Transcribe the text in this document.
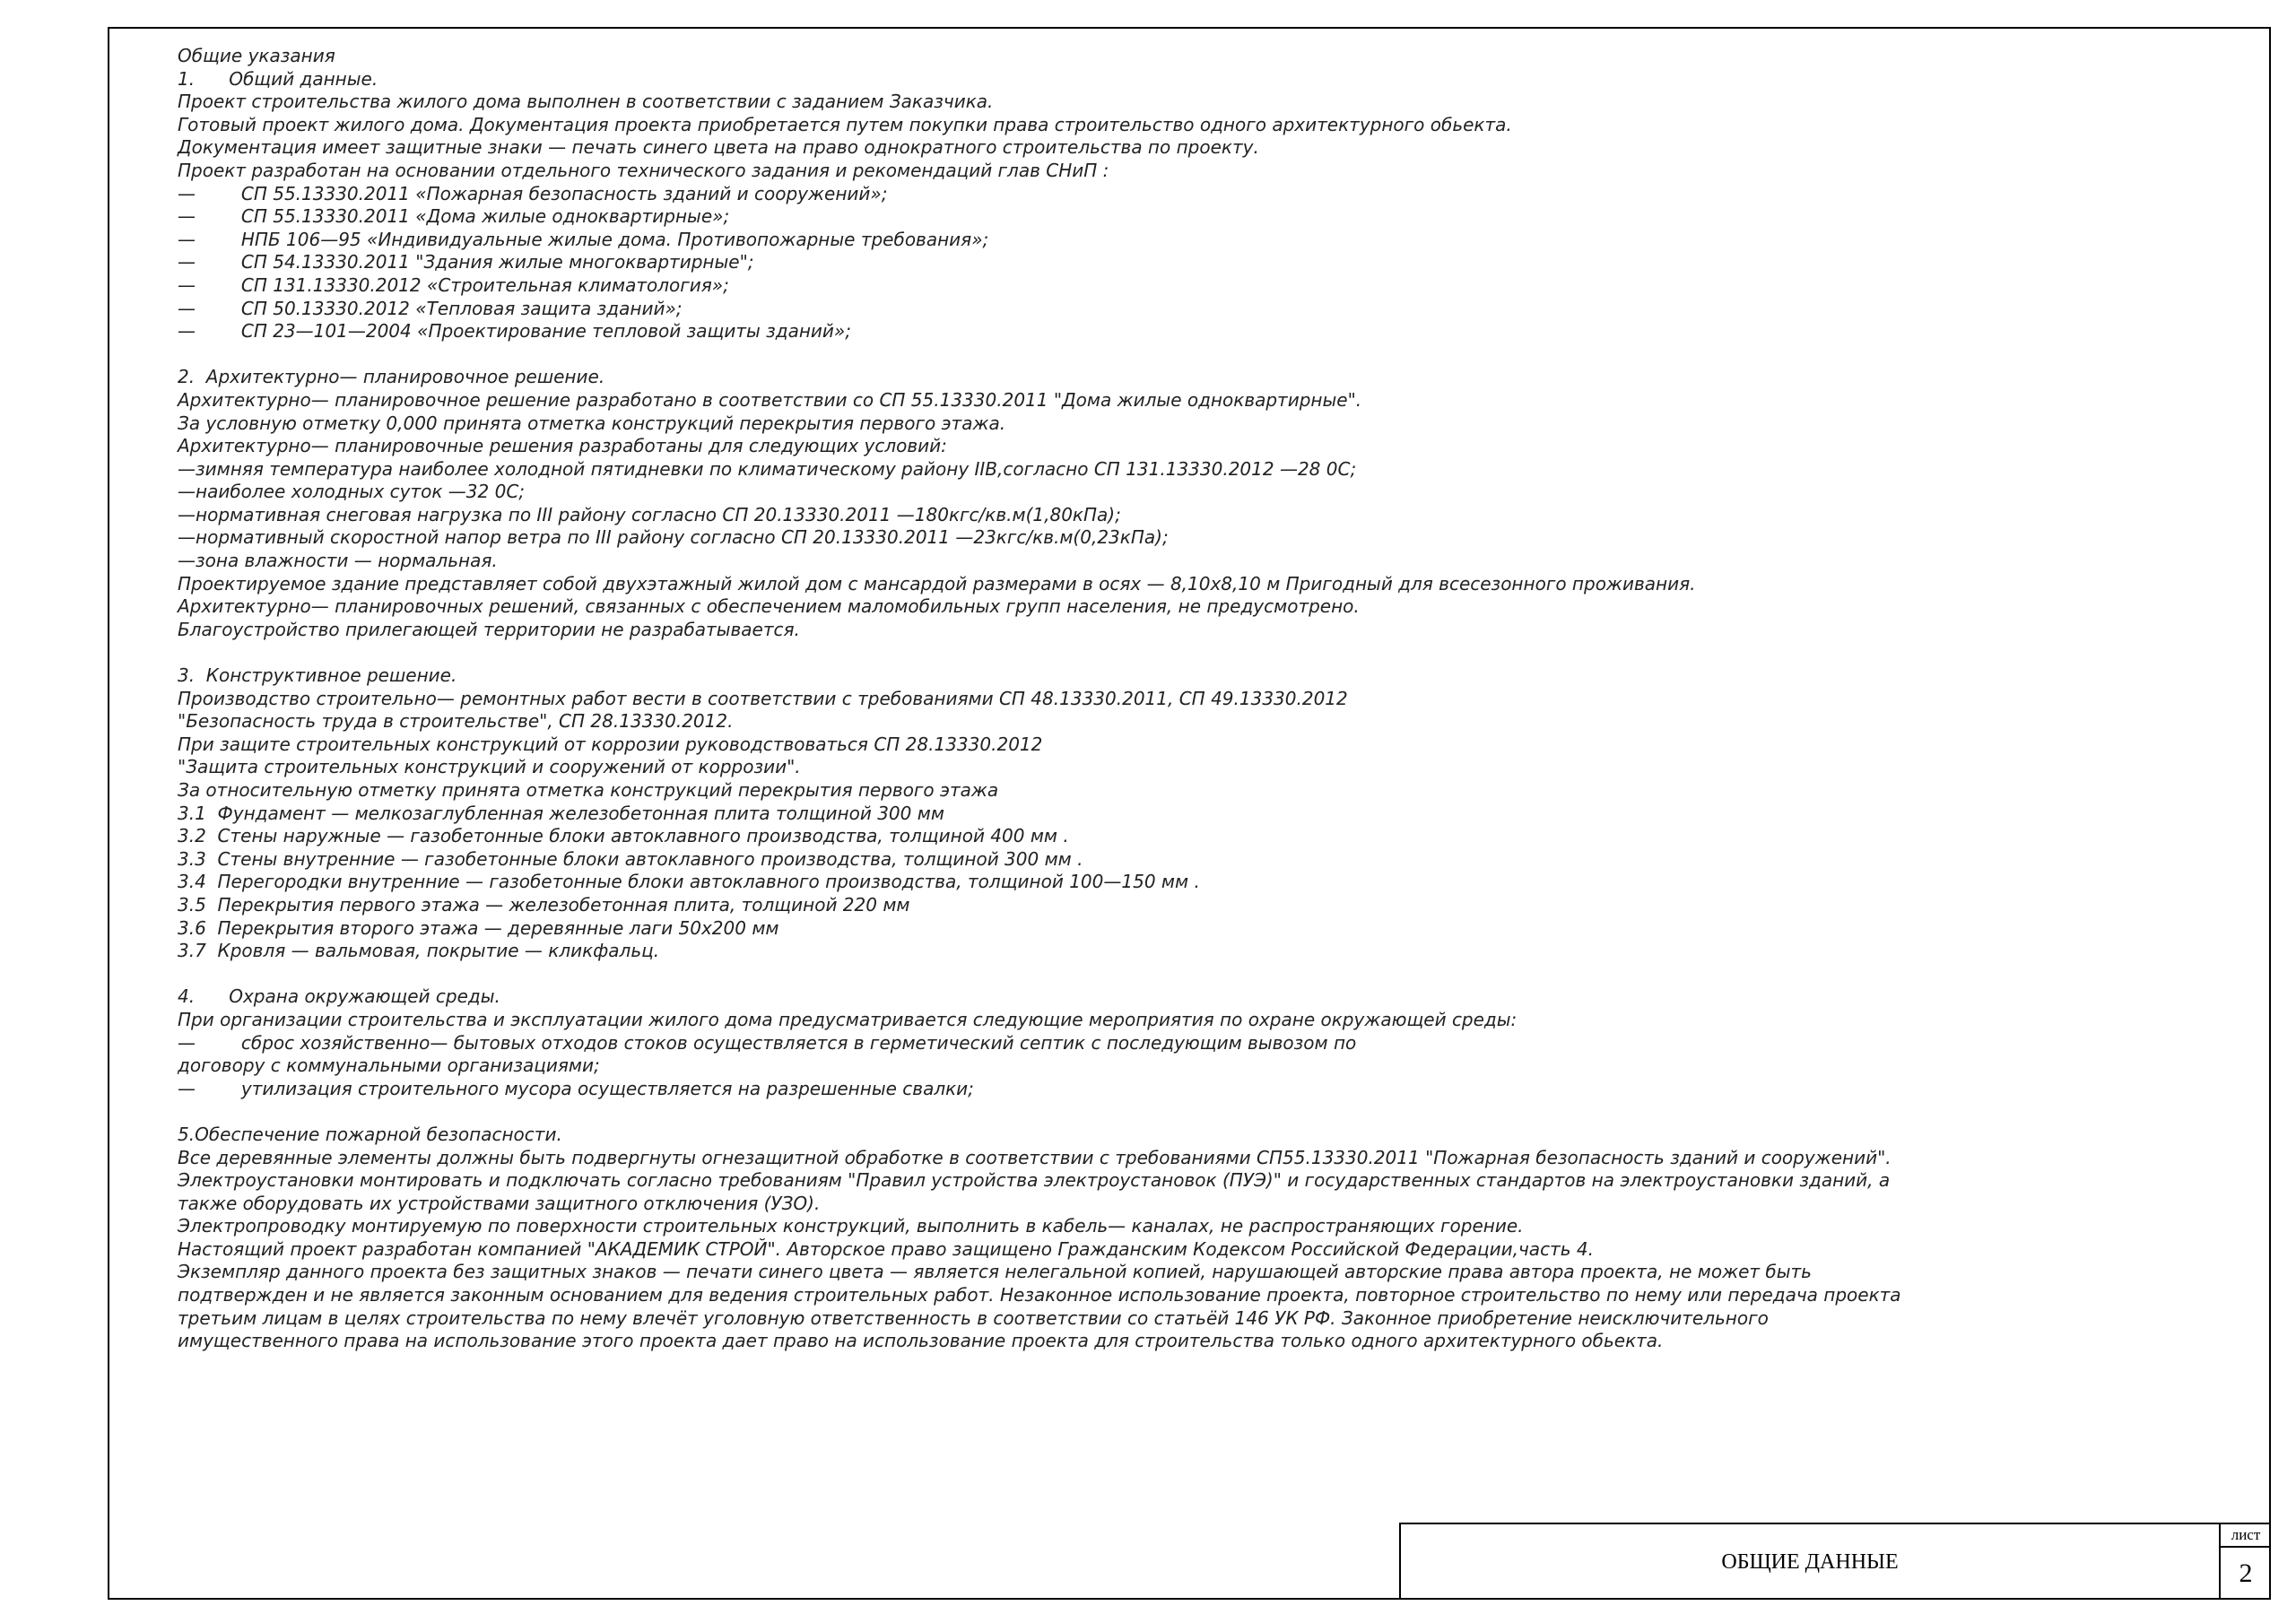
Общие указания
1.      Общий данные.
Проект строительства жилого дома выполнен в соответствии с заданием Заказчика.
Готовый проект жилого дома. Документация проекта приобретается путем покупки права строительство одного архитектурного обьекта.
Документация имеет защитные знаки — печать синего цвета на право однократного строительства по проекту.
Проект разработан на основании отдельного технического задания и рекомендаций глав СНиП :
—        СП 55.13330.2011 «Пожарная безопасность зданий и сооружений»;
—        СП 55.13330.2011 «Дома жилые одноквартирные»;
—        НПБ 106—95 «Индивидуальные жилые дома. Противопожарные требования»;
—        СП 54.13330.2011 "Здания жилые многоквартирные";
—        СП 131.13330.2012 «Строительная климатология»;
—        СП 50.13330.2012 «Тепловая защита зданий»;
—        СП 23—101—2004 «Проектирование тепловой защиты зданий»;
2.  Архитектурно— планировочное решение.
Архитектурно— планировочное решение разработано в соответствии со СП 55.13330.2011 "Дома жилые одноквартирные".
За условную отметку 0,000 принята отметка конструкций перекрытия первого этажа.
Архитектурно— планировочные решения разработаны для следующих условий:
—зимняя температура наиболее холодной пятидневки по климатическому району IIВ,согласно СП 131.13330.2012 —28 0С;
—наиболее холодных суток —32 0С;
—нормативная снеговая нагрузка по III району согласно СП 20.13330.2011 —180кгс/кв.м(1,80кПа);
—нормативный скоростной напор ветра по III району согласно СП 20.13330.2011 —23кгс/кв.м(0,23кПа);
—зона влажности — нормальная.
Проектируемое здание представляет собой двухэтажный жилой дом с мансардой размерами в осях — 8,10х8,10 м Пригодный для всесезонного проживания.
Архитектурно— планировочных решений, связанных с обеспечением маломобильных групп населения, не предусмотрено.
Благоустройство прилегающей территории не разрабатывается.
3.  Конструктивное решение.
Производство строительно— ремонтных работ вести в соответствии с требованиями СП 48.13330.2011, СП 49.13330.2012
"Безопасность труда в строительстве", СП 28.13330.2012.
При защите строительных конструкций от коррозии руководствоваться СП 28.13330.2012
"Защита строительных конструкций и сооружений от коррозии".
За относительную отметку принята отметка конструкций перекрытия первого этажа
3.1  Фундамент — мелкозаглубленная железобетонная плита толщиной 300 мм
3.2  Стены наружные — газобетонные блоки автоклавного производства, толщиной 400 мм .
3.3  Стены внутренние — газобетонные блоки автоклавного производства, толщиной 300 мм .
3.4  Перегородки внутренние — газобетонные блоки автоклавного производства, толщиной 100—150 мм .
3.5  Перекрытия первого этажа — железобетонная плита, толщиной 220 мм
3.6  Перекрытия второго этажа — деревянные лаги 50х200 мм
3.7  Кровля — вальмовая, покрытие — кликфальц.
4.      Охрана окружающей среды.
При организации строительства и эксплуатации жилого дома предусматривается следующие мероприятия по охране окружающей среды:
—        сброс хозяйственно— бытовых отходов стоков осуществляется в герметический септик с последующим вывозом по
договору с коммунальными организациями;
—        утилизация строительного мусора осуществляется на разрешенные свалки;
5.Обеспечение пожарной безопасности.
Все деревянные элементы должны быть подвергнуты огнезащитной обработке в соответствии с требованиями СП55.13330.2011 "Пожарная безопасность зданий и сооружений".
Электроустановки монтировать и подключать согласно требованиям "Правил устройства электроустановок (ПУЭ)" и государственных стандартов на электроустановки зданий, а
также оборудовать их устройствами защитного отключения (УЗО).
Электропроводку монтируемую по поверхности строительных конструкций, выполнить в кабель— каналах, не распространяющих горение.
Настоящий проект разработан компанией "АКАДЕМИК СТРОЙ". Авторское право защищено Гражданским Кодексом Российской Федерации,часть 4.
Экземпляр данного проекта без защитных знаков — печати синего цвета — является нелегальной копией, нарушающей авторские права автора проекта, не может быть
подтвержден и не является законным основанием для ведения строительных работ. Незаконное использование проекта, повторное строительство по нему или передача проекта
третьим лицам в целях строительства по нему влечёт уголовную ответственность в соответствии со статьёй 146 УК РФ. Законное приобретение неисключительного
имущественного права на использование этого проекта дает право на использование проекта для строительства только одного архитектурного обьекта.
ОБЩИЕ ДАННЫЕ
лист
2
